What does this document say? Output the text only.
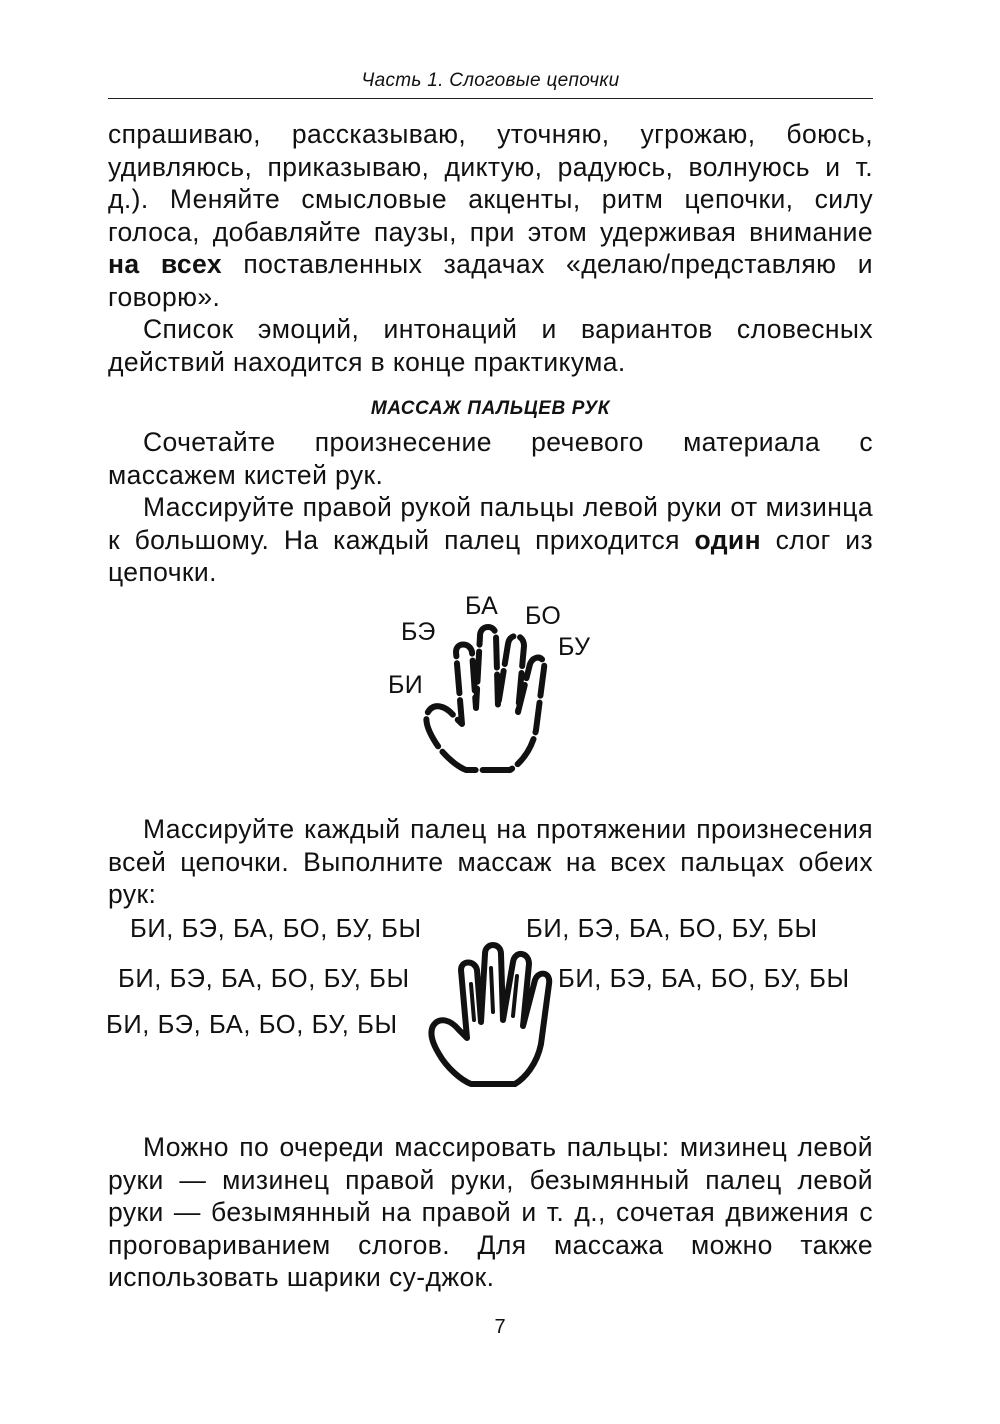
Часть 1. Слоговые цепочки

спрашиваю, рассказываю, уточняю, угрожаю, боюсь, удивляюсь, приказываю, диктую, радуюсь, волнуюсь и т. д.). Меняйте смысловые акценты, ритм цепочки, силу голоса, добавляйте паузы, при этом удерживая внимание на всех поставленных задачах «делаю/представляю и говорю».

Список эмоций, интонаций и вариантов словесных действий находится в конце практикума.

МАССАЖ ПАЛЬЦЕВ РУК

Сочетайте произнесение речевого материала с массажем кистей рук.

Массируйте правой рукой пальцы левой руки от мизинца к большому. На каждый палец приходится один слог из цепочки.

БА БО
БЭ
БУ
БИ

Массируйте каждый палец на протяжении произнесения всей цепочки. Выполните массаж на всех пальцах обеих рук:

БИ, БЭ, БА, БО, БУ, БЫ	БИ, БЭ, БА, БО, БУ, БЫ
БИ, БЭ, БА, БО, БУ, БЫ	БИ, БЭ, БА, БО, БУ, БЫ
БИ, БЭ, БА, БО, БУ, БЫ

Можно по очереди массировать пальцы: мизинец левой руки — мизинец правой руки, безымянный палец левой руки — безымянный на правой и т. д., сочетая движения с проговариванием слогов. Для массажа можно также использовать шарики су-джок.

7
